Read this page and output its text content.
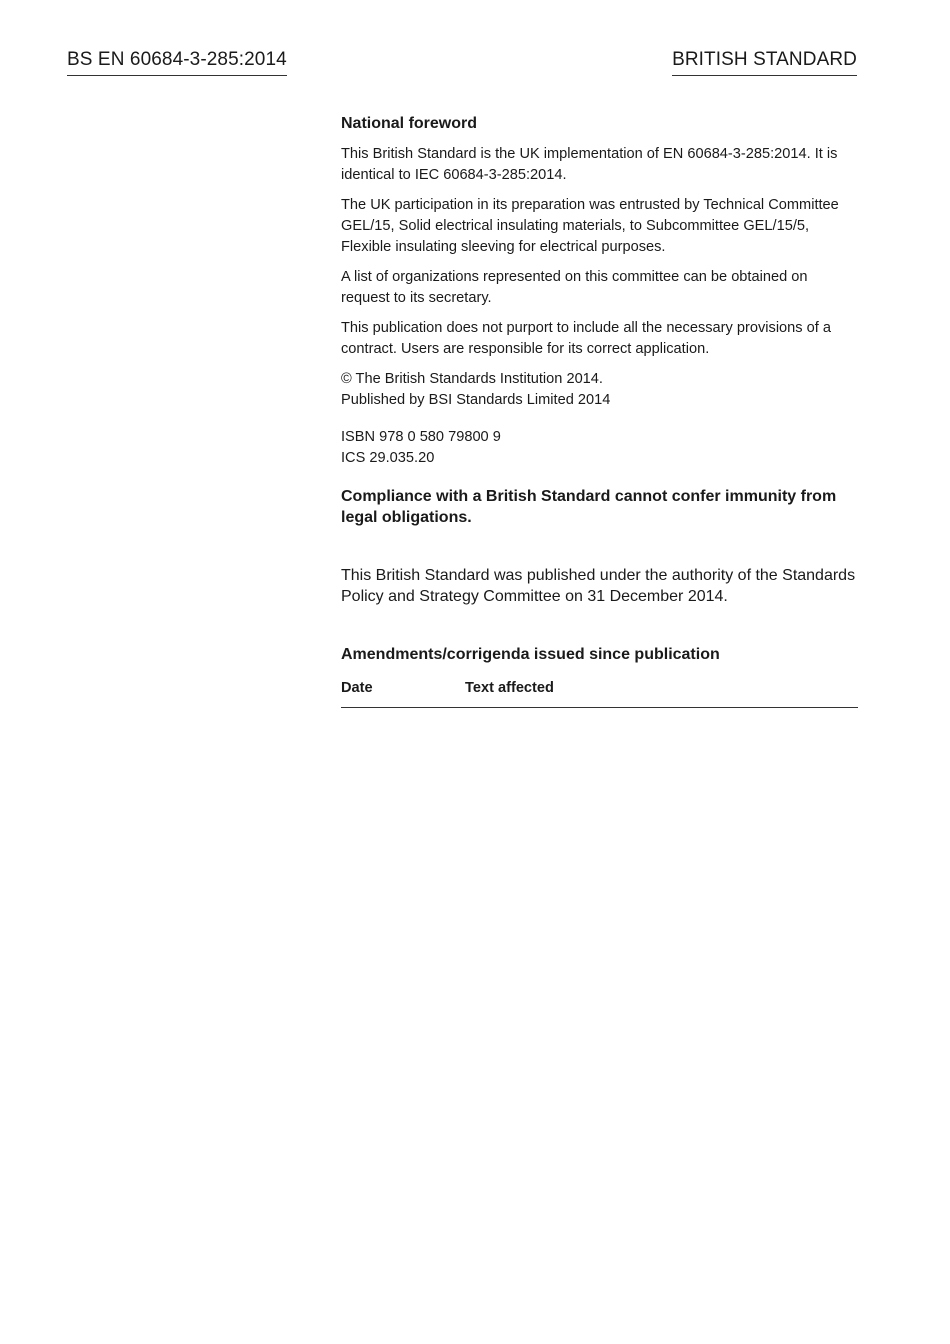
BS EN 60684-3-285:2014	BRITISH STANDARD
National foreword

This British Standard is the UK implementation of EN 60684-3-285:2014. It is identical to IEC 60684-3-285:2014.

The UK participation in its preparation was entrusted by Technical Committee GEL/15, Solid electrical insulating materials, to Subcommittee GEL/15/5, Flexible insulating sleeving for electrical purposes.

A list of organizations represented on this committee can be obtained on request to its secretary.

This publication does not purport to include all the necessary provisions of a contract. Users are responsible for its correct application.

© The British Standards Institution 2014.

Published by BSI Standards Limited 2014

ISBN 978 0 580 79800 9

ICS 29.035.20

Compliance with a British Standard cannot confer immunity from legal obligations.

This British Standard was published under the authority of the Standards Policy and Strategy Committee on 31 December 2014.

Amendments/corrigenda issued since publication
Date	Text affected
